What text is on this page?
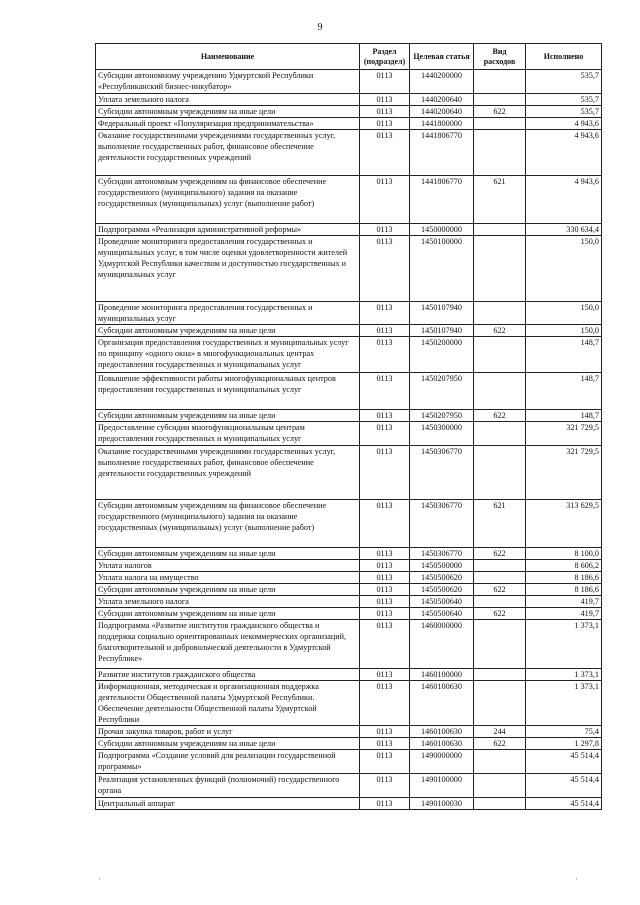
9
Наименование	Раздел (подраздел)	Целевая статья	Вид расходов	Исполнено
Субсидии автономному учреждению Удмуртской Республики «Республиканский бизнес-инкубатор»	0113	1440200000		535,7
Уплата земельного налога	0113	1440200640		535,7
Субсидии автономным учреждениям на иные цели	0113	1440200640	622	535,7
Федеральный проект «Популяризация предпринимательства»	0113	1441800000		4 943,6
Оказание государственными учреждениями государственных услуг, выполнение государственных работ, финансовое обеспечение деятельности государственных учреждений	0113	1441806770		4 943,6
Субсидии автономным учреждениям на финансовое обеспечение государственного (муниципального) задания на оказание государственных (муниципальных) услуг (выполнение работ)	0113	1441806770	621	4 943,6
Подпрограмма «Реализация административной реформы»	0113	1450000000		330 634,4
Проведение мониторинга предоставления государственных и муниципальных услуг, в том числе оценки удовлетворенности жителей Удмуртской Республики качеством и доступностью государственных и муниципальных услуг	0113	1450100000		150,0
Проведение мониторинга предоставления государственных и муниципальных услуг	0113	1450107940		150,0
Субсидии автономным учреждениям на иные цели	0113	1450107940	622	150,0
Организация предоставления государственных и муниципальных услуг по принципу «одного окна» в многофункциональных центрах предоставления государственных и муниципальных услуг	0113	1450200000		148,7
Повышение эффективности работы многофункциональных центров предоставления государственных и муниципальных услуг	0113	1450207950		148,7
Субсидии автономным учреждениям на иные цели	0113	1450207950	622	148,7
Предоставление субсидии многофункциональным центрам предоставления государственных и муниципальных услуг	0113	1450300000		321 729,5
Оказание государственными учреждениями государственных услуг, выполнение государственных работ, финансовое обеспечение деятельности государственных учреждений	0113	1450306770		321 729,5
Субсидии автономным учреждениям на финансовое обеспечение государственного (муниципального) задания на оказание государственных (муниципальных) услуг (выполнение работ)	0113	1450306770	621	313 629,5
Субсидии автономным учреждениям на иные цели	0113	1450306770	622	8 100,0
Уплата налогов	0113	1450500000		8 606,2
Уплата налога на имущество	0113	1450500620		8 186,6
Субсидии автономным учреждениям на иные цели	0113	1450500620	622	8 186,6
Уплата земельного налога	0113	1450500640		419,7
Субсидии автономным учреждениям на иные цели	0113	1450500640	622	419,7
Подпрограмма «Развитие институтов гражданского общества и поддержка социально ориентированных некоммерческих организаций, благотворительной и добровольческой деятельности в Удмуртской Республике»	0113	1460000000		1 373,1
Развитие институтов гражданского общества	0113	1460100000		1 373,1
Информационная, методическая и организационная поддержка деятельности Общественной палаты Удмуртской Республики. Обеспечение деятельности Общественной палаты Удмуртской Республики	0113	1460100630		1 373,1
Прочая закупка товаров, работ и услуг	0113	1460100630	244	75,4
Субсидии автономным учреждениям на иные цели	0113	1460100630	622	1 297,8
Подпрограмма «Создание условий для реализации государственной программы»	0113	1490000000		45 514,4
Реализация установленных функций (полномочий) государственного органа	0113	1490100000		45 514,4
Центральный аппарат	0113	1490100030		45 514,4
·	·
